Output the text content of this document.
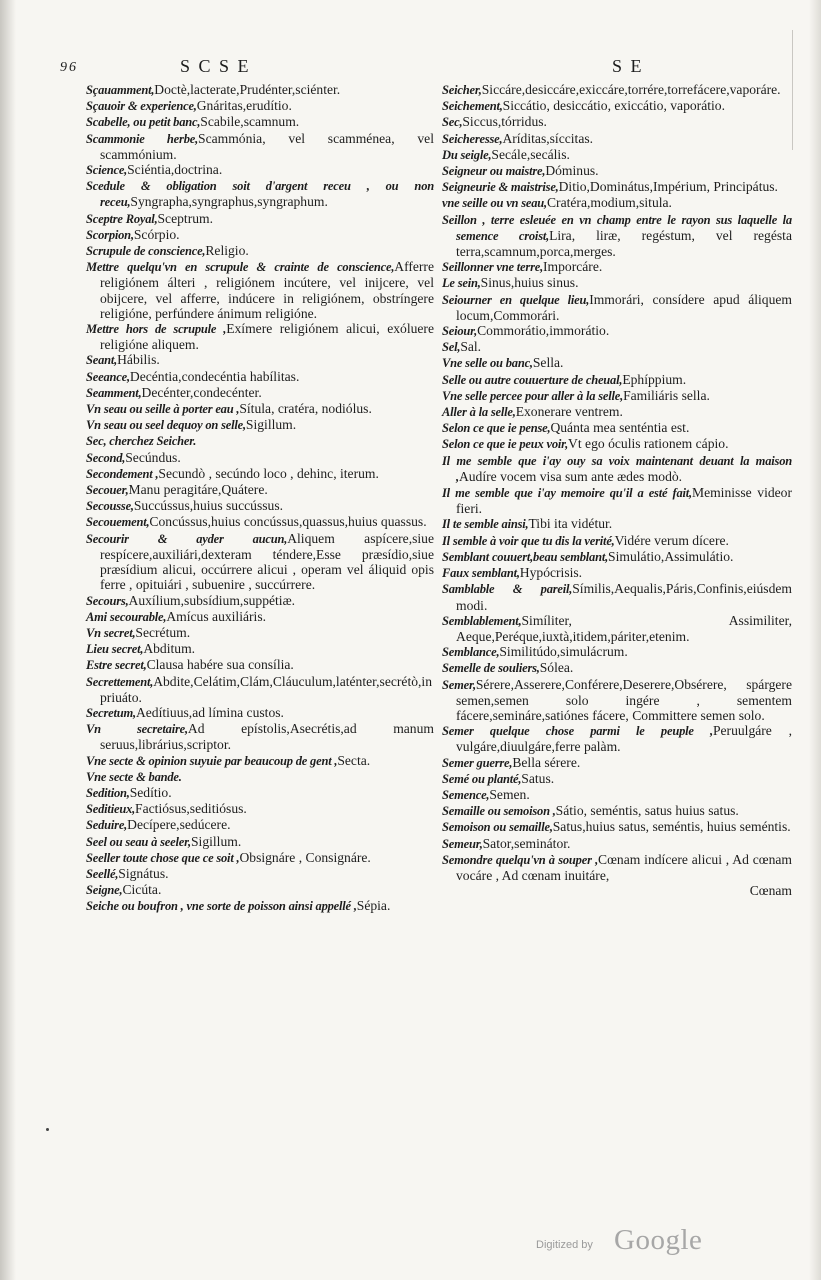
96	S C S E	S E

Sçauamment,Doctè,lacterate,Prudénter,sciénter.

Sçauoir & experience,Gnáritas,erudítio.

Scabelle, ou petit banc,Scabile,scamnum.

Scammonie herbe,Scammónia, vel scamménea, vel scammónium.

Science,Sciéntia,doctrina.

Scedule & obligation soit d'argent receu , ou non receu,Syngrapha,syngraphus,syngraphum.

Sceptre Royal,Sceptrum.

Scorpion,Scórpio.

Scrupule de conscience,Religio.

Mettre quelqu'vn en scrupule & crainte de conscience,Afferre religiónem álteri , religiónem incútere, vel inijcere, vel obijcere, vel afferre, indúcere in religiónem, obstríngere religióne, perfúndere ánimum religióne.

Mettre hors de scrupule ,Exímere religiónem alicui, exóluere religióne aliquem.

Seant,Hábilis.

Seeance,Decéntia,condecéntia habílitas.

Seamment,Decénter,condecénter.

Vn seau ou seille à porter eau ,Sítula, cratéra, nodiólus.

Vn seau ou seel dequoy on selle,Sigillum.

Sec, cherchez Seicher.

Second,Secúndus.

Secondement ,Secundò , secúndo loco , dehinc, iterum.

Secouer,Manu peragitáre,Quátere.

Secousse,Succússus,huius succússus.

Secouement,Concússus,huius concússus,quassus,huius quassus.

Secourir & ayder aucun,Aliquem aspícere,siue respícere,auxiliári,dexteram téndere,Esse præsídio,siue præsídium alicui, occúrrere alicui , operam vel áliquid opis ferre , opituiári , subuenire , succúrrere.

Secours,Auxílium,subsídium,suppétiæ.

Ami secourable,Amícus auxiliáris.

Vn secret,Secrétum.

Lieu secret,Abditum.

Estre secret,Clausa habére sua consília.

Secrettement,Abdite,Celátim,Clám,Cláuculum,laténter,secrétò,in priuáto.

Secretum,Aedítiuus,ad límina custos.

Vn secretaire,Ad epístolis,Asecrétis,ad manum seruus,librárius,scriptor.

Vne secte & opinion suyuie par beaucoup de gent ,Secta.

Vne secte & bande.

Sedition,Sedítio.

Seditieux,Factiósus,seditiósus.

Seduire,Decípere,sedúcere.

Seel ou seau à seeler,Sigillum.

Seeller toute chose que ce soit ,Obsignáre , Consignáre.

Seellé,Signátus.

Seigne,Cicúta.

Seiche ou boufron , vne sorte de poisson ainsi appellé ,Sépia.

Seicher,Siccáre,desiccáre,exiccáre,torrére,torrefácere,vaporáre.

Seichement,Siccátio, desiccátio, exiccátio, vaporátio.

Sec,Siccus,tórridus.

Seicheresse,Aríditas,síccitas.

Du seigle,Secále,secális.

Seigneur ou maistre,Dóminus.

Seigneurie & maistrise,Ditio,Dominátus,Impérium, Principátus.

vne seille ou vn seau,Cratéra,modium,situla.

Seillon , terre esleuée en vn champ entre le rayon sus laquelle la semence croist,Lira, liræ, regéstum, vel regésta terra,scamnum,porca,merges.

Seillonner vne terre,Imporcáre.

Le sein,Sinus,huius sinus.

Seiourner en quelque lieu,Immorári, consídere apud áliquem locum,Commorári.

Seiour,Commorátio,immorátio.

Sel,Sal.

Vne selle ou banc,Sella.

Selle ou autre couuerture de cheual,Ephíppium.

Vne selle percee pour aller à la selle,Familiáris sella.

Aller à la selle,Exonerare ventrem.

Selon ce que ie pense,Quánta mea senténtia est.

Selon ce que ie peux voir,Vt ego óculis rationem cápio.

Il me semble que i'ay ouy sa voix maintenant deuant la maison ,Audíre vocem visa sum ante ædes modò.

Il me semble que i'ay memoire qu'il a esté fait,Meminisse videor fieri.

Il te semble ainsi,Tibi ita vidétur.

Il semble à voir que tu dis la verité,Vidére verum dícere.

Semblant couuert,beau semblant,Simulátio,Assimulátio.

Faux semblant,Hypócrisis.

Samblable & pareil,Símilis,Aequalis,Páris,Confinis,eiúsdem modi.

Semblablement,Simíliter, Assimiliter, Aeque,Peréque,iuxtà,itidem,páriter,etenim.

Semblance,Similitúdo,simulácrum.

Semelle de souliers,Sólea.

Semer,Sérere,Asserere,Conférere,Deserere,Obsérere, spárgere semen,semen solo ingére , sementem fácere,semináre,satiónes fácere, Committere semen solo.

Semer quelque chose parmi le peuple ,Peruulgáre , vulgáre,diuulgáre,ferre palàm.

Semer guerre,Bella sérere.

Semé ou planté,Satus.

Semence,Semen.

Semaille ou semoison ,Sátio, seméntis, satus huius satus.

Semoison ou semaille,Satus,huius satus, seméntis, huius seméntis.

Semeur,Sator,seminátor.

Semondre quelqu'vn à souper ,Cœnam indícere alicui , Ad cœnam vocáre , Ad cœnam inuitáre,

Cœnam
Digitized by Google
